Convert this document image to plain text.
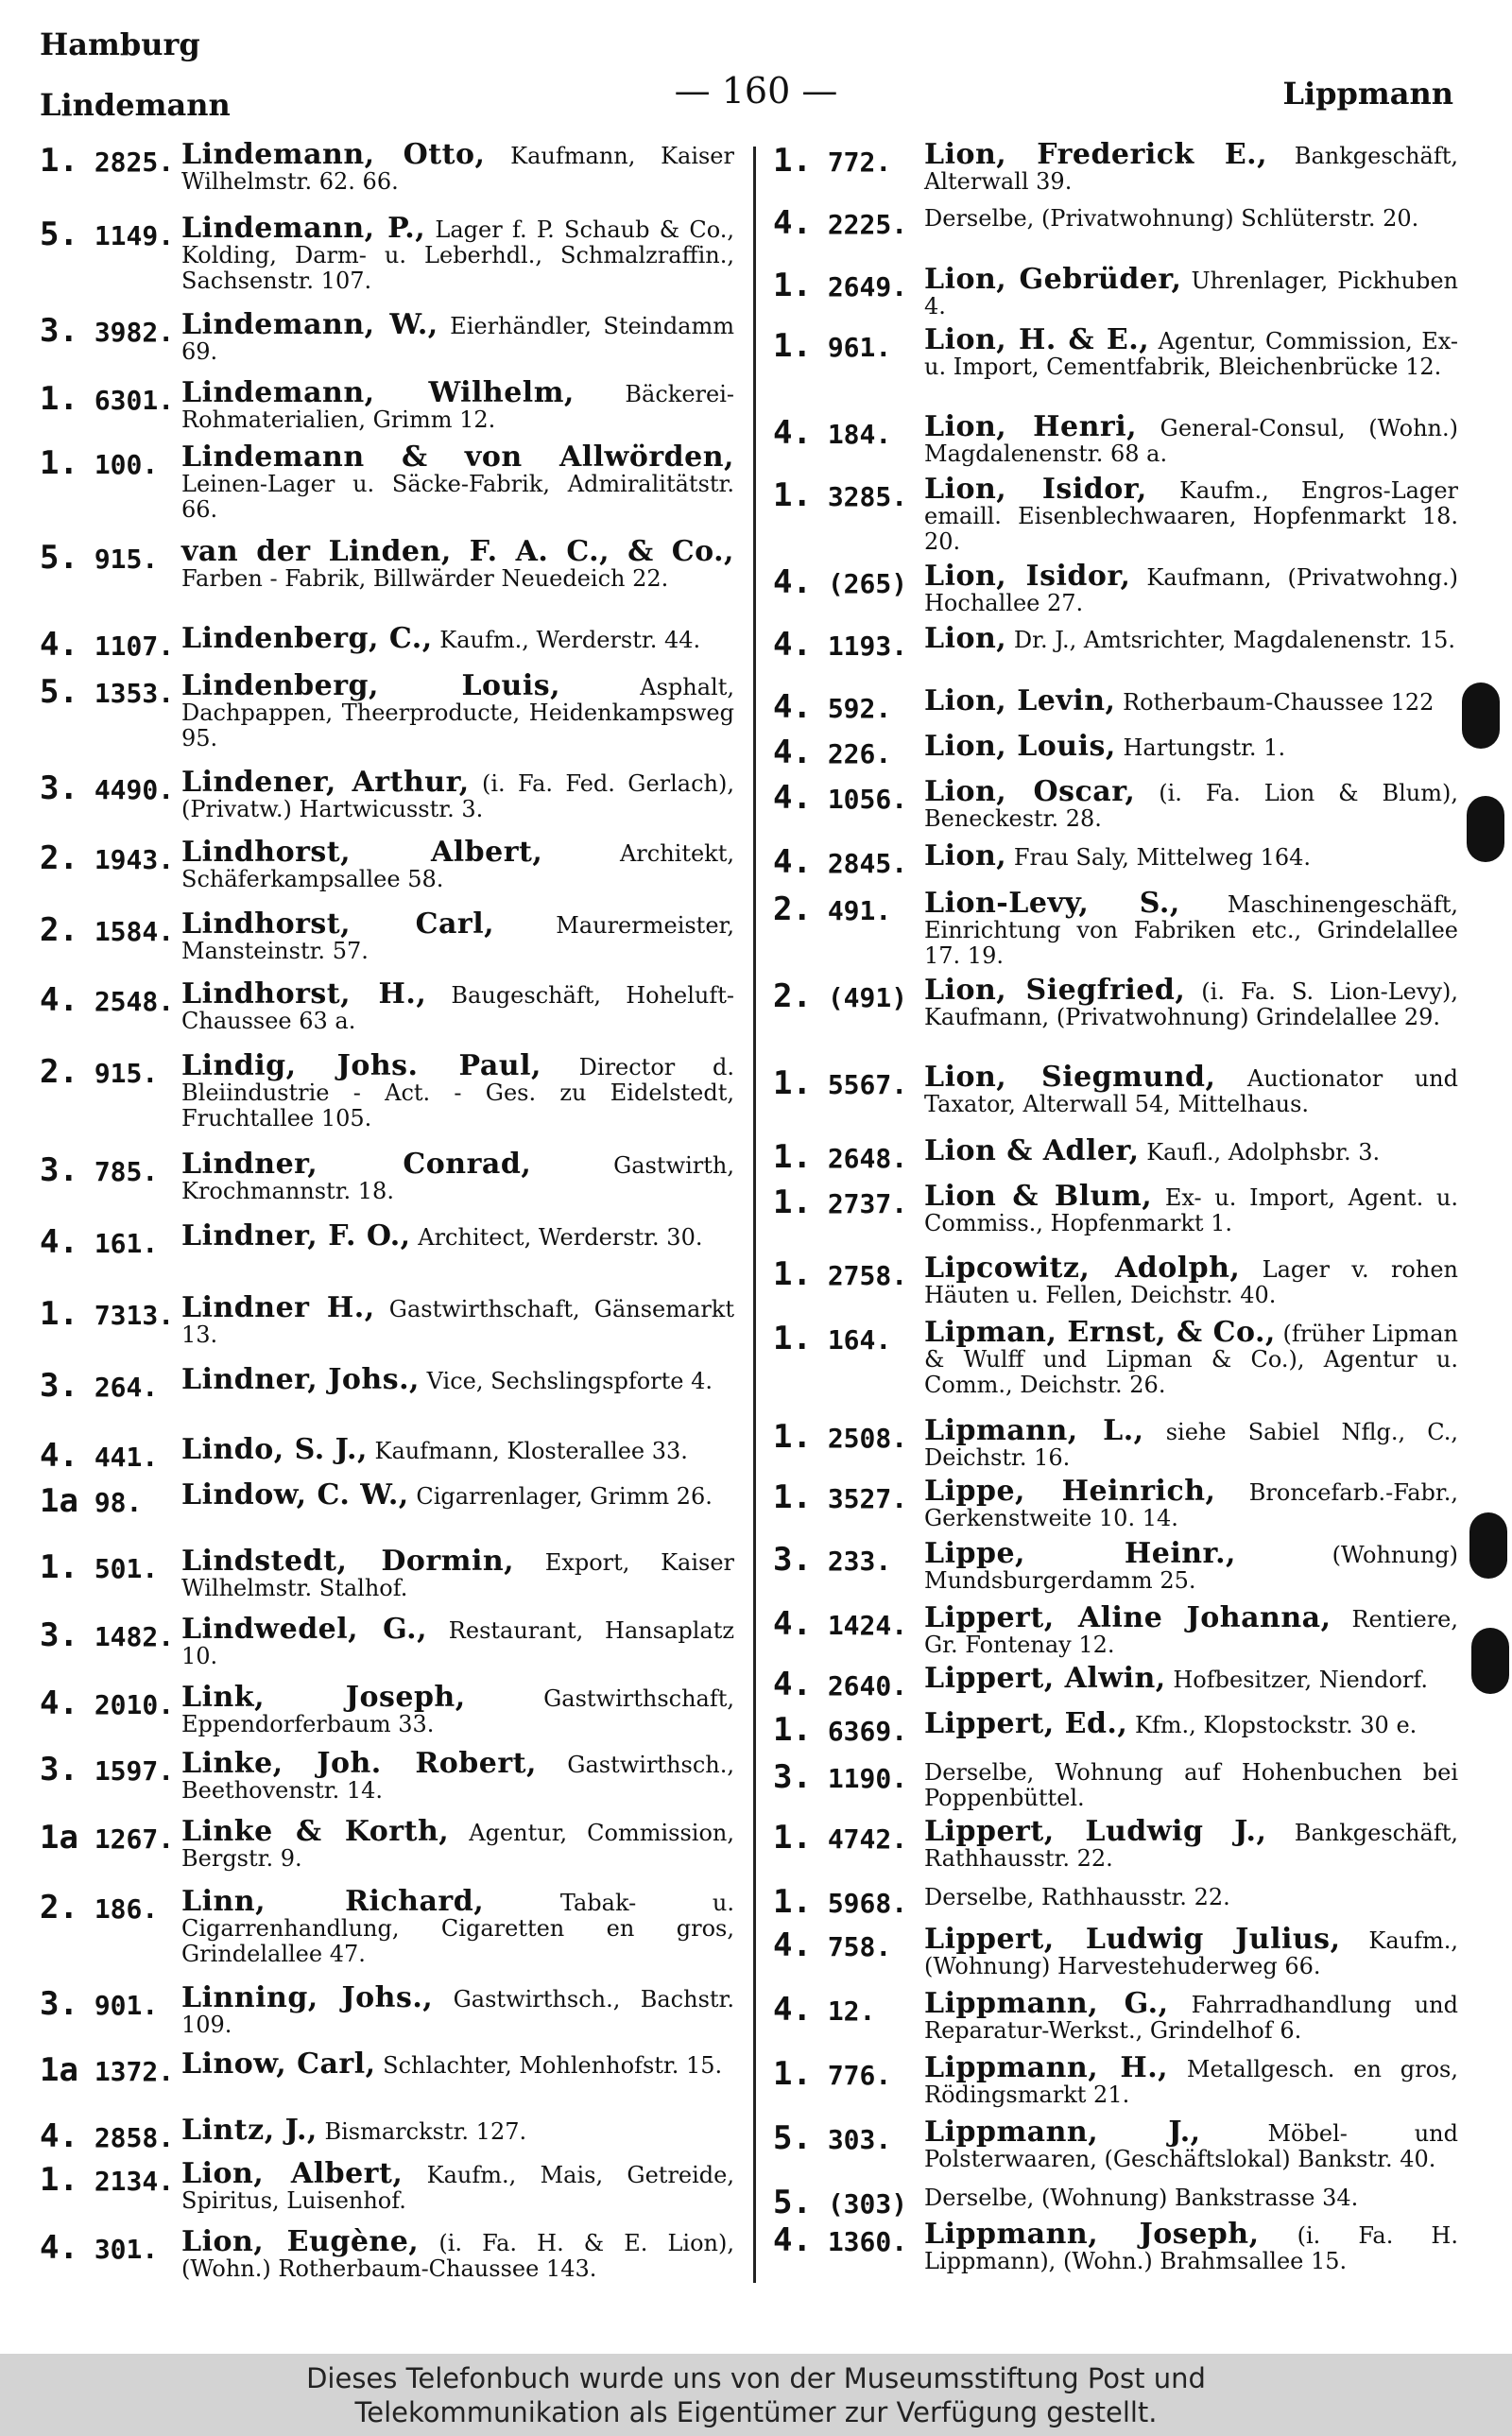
Hamburg
Lindemann	— 160 —	Lippmann
1. 2825. Lindemann, Otto, Kaufmann, Kaiser Wilhelmstr. 62. 66.
5. 1149. Lindemann, P., Lager f. P. Schaub & Co., Kolding, Darm- u. Leberhdl., Schmalzraffin., Sachsenstr. 107.
3. 3982. Lindemann, W., Eierhändler, Steindamm 69.
1. 6301. Lindemann, Wilhelm, Bäckerei-Rohmaterialien, Grimm 12.
1. 100. Lindemann & von Allwörden, Leinen-Lager u. Säcke-Fabrik, Admiralitätstr. 66.
5. 915. van der Linden, F. A. C., & Co., Farben - Fabrik, Billwärder Neuedeich 22.
4. 1107. Lindenberg, C., Kaufm., Werderstr. 44.
5. 1353. Lindenberg, Louis, Asphalt, Dachpappen, Theerproducte, Heidenkampsweg 95.
3. 4490. Lindener, Arthur, (i. Fa. Fed. Gerlach), (Privatw.) Hartwicusstr. 3.
2. 1943. Lindhorst, Albert, Architekt, Schäferkampsallee 58.
2. 1584. Lindhorst, Carl, Maurermeister, Mansteinstr. 57.
4. 2548. Lindhorst, H., Baugeschäft, Hoheluft-Chaussee 63 a.
2. 915. Lindig, Johs. Paul, Director d. Bleiindustrie - Act. - Ges. zu Eidelstedt, Fruchtallee 105.
3. 785. Lindner, Conrad, Gastwirth, Krochmannstr. 18.
4. 161. Lindner, F. O., Architect, Werderstr. 30.
1. 7313. Lindner H., Gastwirthschaft, Gänsemarkt 13.
3. 264. Lindner, Johs., Vice, Sechslingspforte 4.
4. 441. Lindo, S. J., Kaufmann, Klosterallee 33.
1a 98. Lindow, C. W., Cigarrenlager, Grimm 26.
1. 501. Lindstedt, Dormin, Export, Kaiser Wilhelmstr. Stalhof.
3. 1482. Lindwedel, G., Restaurant, Hansaplatz 10.
4. 2010. Link, Joseph, Gastwirthschaft, Eppendorferbaum 33.
3. 1597. Linke, Joh. Robert, Gastwirthsch., Beethovenstr. 14.
1a 1267. Linke & Korth, Agentur, Commission, Bergstr. 9.
2. 186. Linn, Richard, Tabak- u. Cigarrenhandlung, Cigaretten en gros, Grindelallee 47.
3. 901. Linning, Johs., Gastwirthsch., Bachstr. 109.
1a 1372. Linow, Carl, Schlachter, Mohlenhofstr. 15.
4. 2858. Lintz, J., Bismarckstr. 127.
1. 2134. Lion, Albert, Kaufm., Mais, Getreide, Spiritus, Luisenhof.
4. 301. Lion, Eugène, (i. Fa. H. & E. Lion), (Wohn.) Rotherbaum-Chaussee 143.
1. 772. Lion, Frederick E., Bankgeschäft, Alterwall 39.
4. 2225. Derselbe, (Privatwohnung) Schlüterstr. 20.
1. 2649. Lion, Gebrüder, Uhrenlager, Pickhuben 4.
1. 961. Lion, H. & E., Agentur, Commission, Ex- u. Import, Cementfabrik, Bleichenbrücke 12.
4. 184. Lion, Henri, General-Consul, (Wohn.) Magdalenenstr. 68 a.
1. 3285. Lion, Isidor, Kaufm., Engros-Lager emaill. Eisenblechwaaren, Hopfenmarkt 18. 20.
4. (265) Lion, Isidor, Kaufmann, (Privatwohng.) Hochallee 27.
4. 1193. Lion, Dr. J., Amtsrichter, Magdalenenstr. 15.
4. 592. Lion, Levin, Rotherbaum-Chaussee 122
4. 226. Lion, Louis, Hartungstr. 1.
4. 1056. Lion, Oscar, (i. Fa. Lion & Blum), Beneckestr. 28.
4. 2845. Lion, Frau Saly, Mittelweg 164.
2. 491. Lion-Levy, S., Maschinengeschäft, Einrichtung von Fabriken etc., Grindelallee 17. 19.
2. (491) Lion, Siegfried, (i. Fa. S. Lion-Levy), Kaufmann, (Privatwohnung) Grindelallee 29.
1. 5567. Lion, Siegmund, Auctionator und Taxator, Alterwall 54, Mittelhaus.
1. 2648. Lion & Adler, Kaufl., Adolphsbr. 3.
1. 2737. Lion & Blum, Ex- u. Import, Agent. u. Commiss., Hopfenmarkt 1.
1. 2758. Lipcowitz, Adolph, Lager v. rohen Häuten u. Fellen, Deichstr. 40.
1. 164. Lipman, Ernst, & Co., (früher Lipman & Wulff und Lipman & Co.), Agentur u. Comm., Deichstr. 26.
1. 2508. Lipmann, L., siehe Sabiel Nflg., C., Deichstr. 16.
1. 3527. Lippe, Heinrich, Broncefarb.-Fabr., Gerkenstweite 10. 14.
3. 233. Lippe, Heinr., (Wohnung) Mundsburgerdamm 25.
4. 1424. Lippert, Aline Johanna, Rentiere, Gr. Fontenay 12.
4. 2640. Lippert, Alwin, Hofbesitzer, Niendorf.
1. 6369. Lippert, Ed., Kfm., Klopstockstr. 30 e.
3. 1190. Derselbe, Wohnung auf Hohenbuchen bei Poppenbüttel.
1. 4742. Lippert, Ludwig J., Bankgeschäft, Rathhausstr. 22.
1. 5968. Derselbe, Rathhausstr. 22.
4. 758. Lippert, Ludwig Julius, Kaufm., (Wohnung) Harvestehuderweg 66.
4. 12. Lippmann, G., Fahrradhandlung und Reparatur-Werkst., Grindelhof 6.
1. 776. Lippmann, H., Metallgesch. en gros, Rödingsmarkt 21.
5. 303. Lippmann, J., Möbel- und Polsterwaaren, (Geschäftslokal) Bankstr. 40.
5. (303) Derselbe, (Wohnung) Bankstrasse 34.
4. 1360. Lippmann, Joseph, (i. Fa. H. Lippmann), (Wohn.) Brahmsallee 15.
Dieses Telefonbuch wurde uns von der Museumsstiftung Post und
Telekommunikation als Eigentümer zur Verfügung gestellt.
